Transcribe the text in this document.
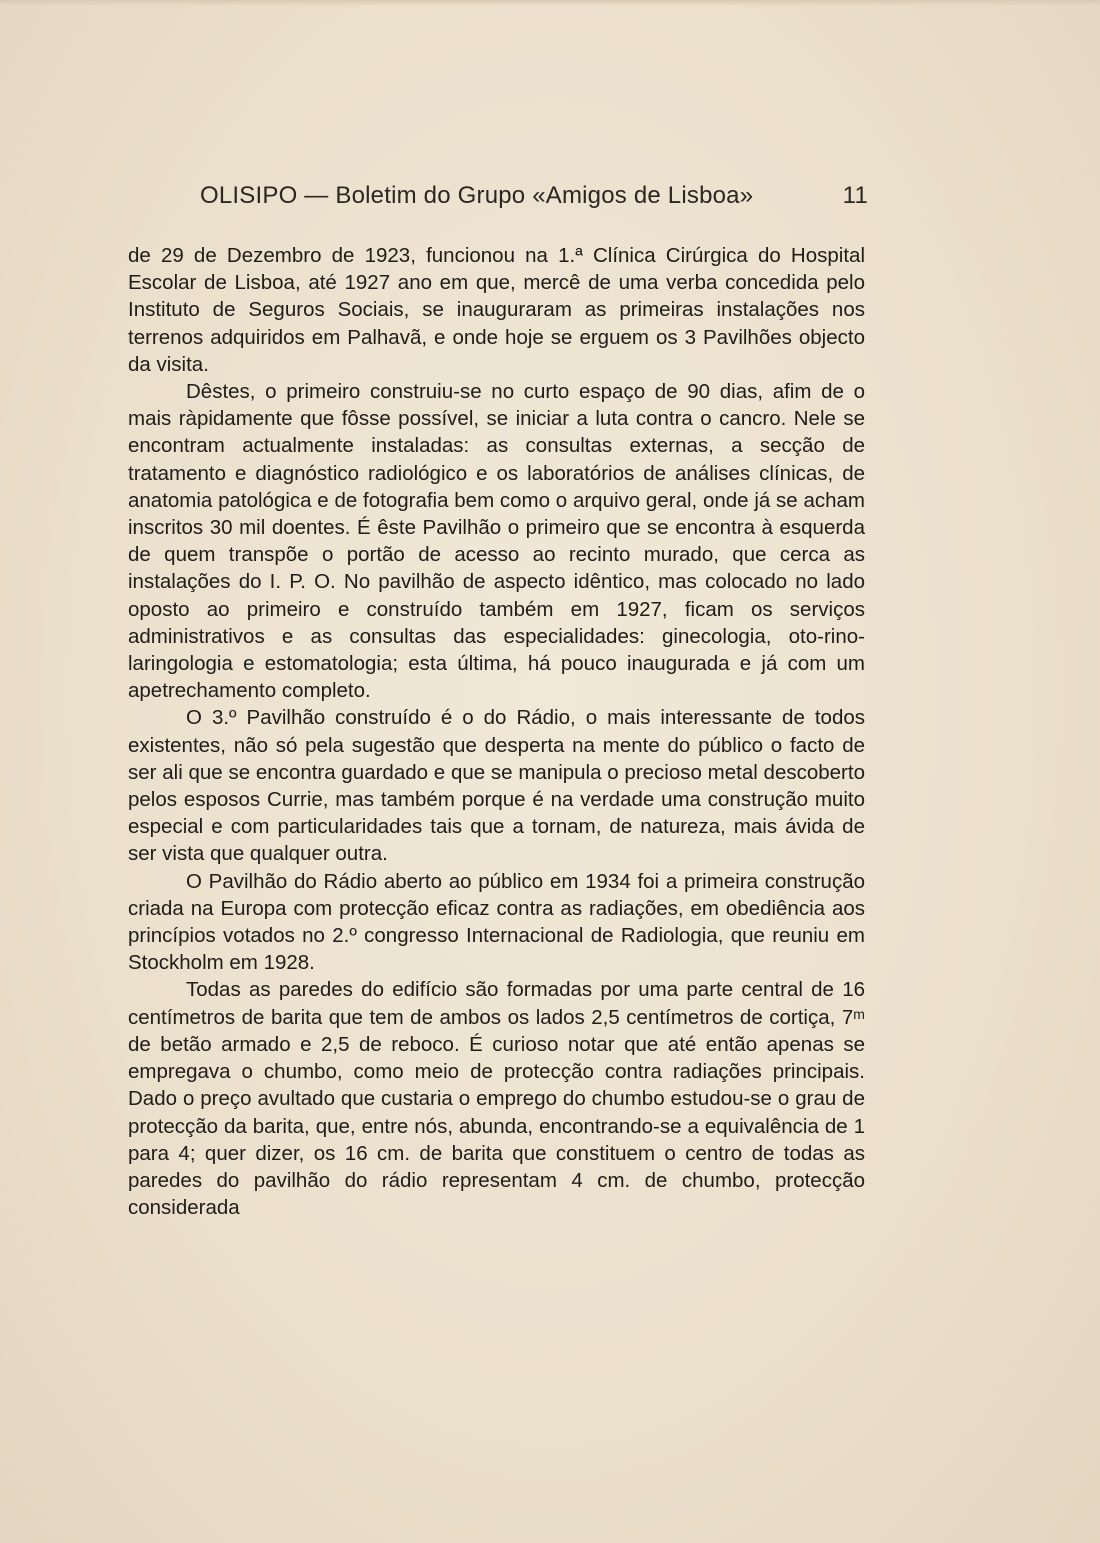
OLISIPO — Boletim do Grupo «Amigos de Lisboa»	11

de 29 de Dezembro de 1923, funcionou na 1.ª Clínica Cirúrgica do Hospital Escolar de Lisboa, até 1927 ano em que, mercê de uma verba concedida pelo Instituto de Seguros Sociais, se inauguraram as primeiras instalações nos terrenos adquiridos em Palhavã, e onde hoje se erguem os 3 Pavilhões objecto da visita.

Dêstes, o primeiro construiu-se no curto espaço de 90 dias, afim de o mais ràpidamente que fôsse possível, se iniciar a luta contra o cancro. Nele se encontram actualmente instaladas: as consultas externas, a secção de tratamento e diagnóstico radiológico e os laboratórios de análises clínicas, de anatomia patológica e de fotografia bem como o arquivo geral, onde já se acham inscritos 30 mil doentes. É êste Pavilhão o primeiro que se encontra à esquerda de quem transpõe o portão de acesso ao recinto murado, que cerca as instalações do I. P. O. No pavilhão de aspecto idêntico, mas colocado no lado oposto ao primeiro e construído também em 1927, ficam os serviços administrativos e as consultas das especialidades: ginecologia, oto-rino-laringologia e estomatologia; esta última, há pouco inaugurada e já com um apetrechamento completo.

O 3.º Pavilhão construído é o do Rádio, o mais interessante de todos existentes, não só pela sugestão que desperta na mente do público o facto de ser ali que se encontra guardado e que se manipula o precioso metal descoberto pelos esposos Currie, mas também porque é na verdade uma construção muito especial e com particularidades tais que a tornam, de natureza, mais ávida de ser vista que qualquer outra.

O Pavilhão do Rádio aberto ao público em 1934 foi a primeira construção criada na Europa com protecção eficaz contra as radiações, em obediência aos princípios votados no 2.º congresso Internacional de Radiologia, que reuniu em Stockholm em 1928.

Todas as paredes do edifício são formadas por uma parte central de 16 centímetros de barita que tem de ambos os lados 2,5 centímetros de cortiça, 7ᵐ de betão armado e 2,5 de reboco. É curioso notar que até então apenas se empregava o chumbo, como meio de protecção contra radiações principais. Dado o preço avultado que custaria o emprego do chumbo estudou-se o grau de protecção da barita, que, entre nós, abunda, encontrando-se a equivalência de 1 para 4; quer dizer, os 16 cm. de barita que constituem o centro de todas as paredes do pavilhão do rádio representam 4 cm. de chumbo, protecção considerada
